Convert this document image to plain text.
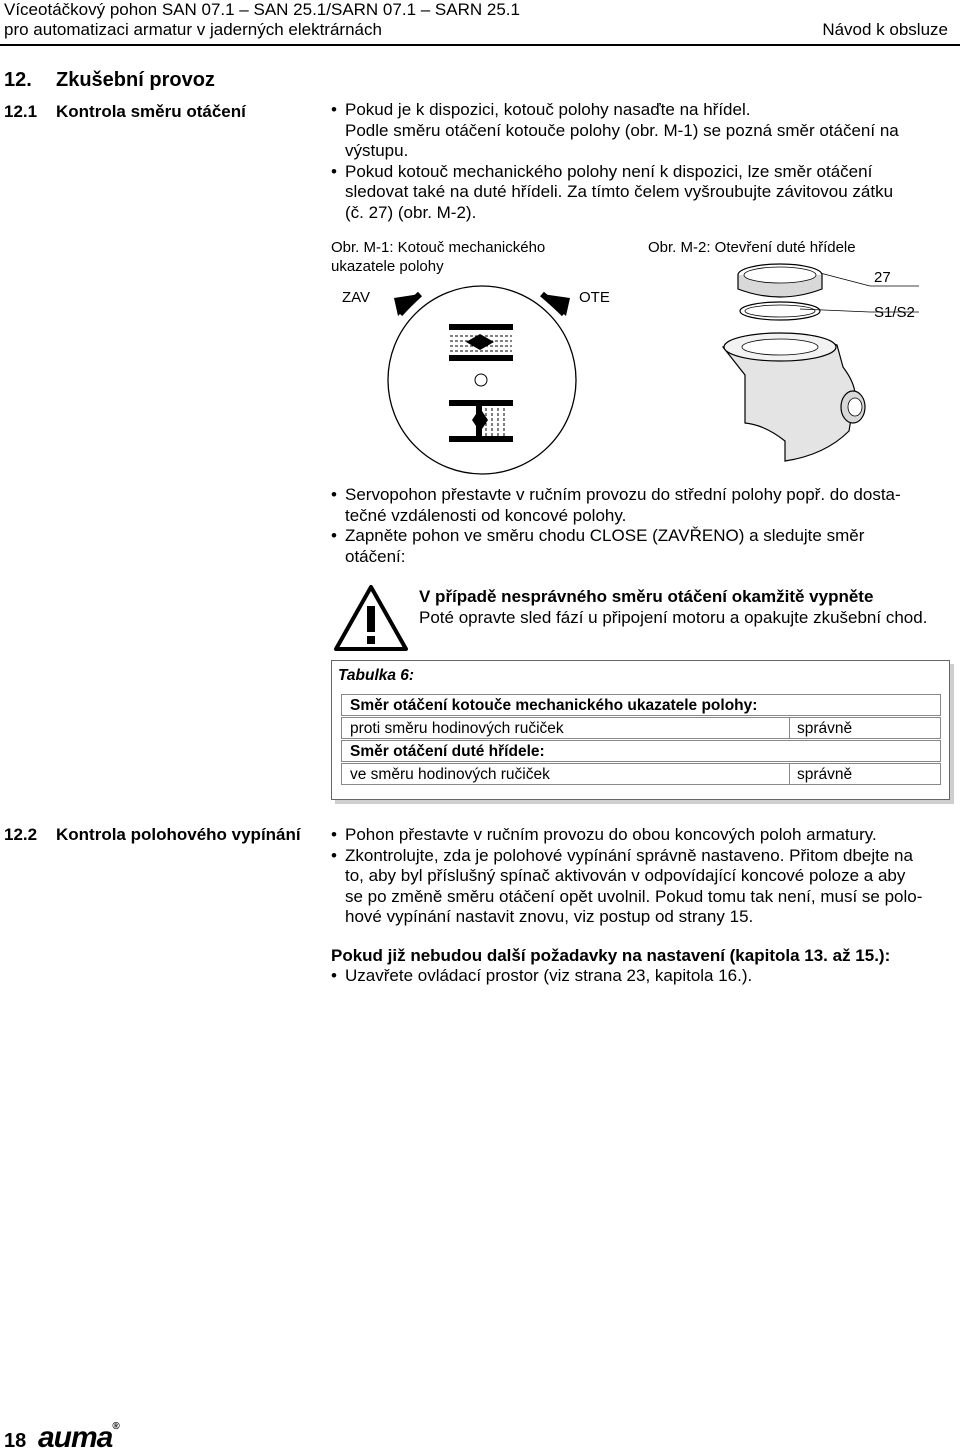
Víceotáčkový pohon SAN 07.1 – SAN 25.1/SARN 07.1 – SARN 25.1
pro automatizaci armatur v jaderných elektrárnách	Návod k obsluze
12. Zkušební provoz
12.1 Kontrola směru otáčení	• Pokud je k dispozici, kotouč polohy nasaďte na hřídel.
Podle směru otáčení kotouče polohy (obr. M-1) se pozná směr otáčení na
výstupu.
• Pokud kotouč mechanického polohy není k dispozici, lze směr otáčení
sledovat také na duté hřídeli. Za tímto čelem vyšroubujte závitovou zátku
(č. 27) (obr. M-2).
Obr. M-1: Kotouč mechanického
ukazatele polohy
ZAV	OTE
Obr. M-2: Otevření duté hřídele
27
S1/S2
• Servopohon přestavte v ručním provozu do střední polohy popř. do dosta-
tečné vzdálenosti od koncové polohy.
• Zapněte pohon ve směru chodu CLOSE (ZAVŘENO) a sledujte směr
otáčení:
V případě nesprávného směru otáčení okamžitě vypněte
Poté opravte sled fází u připojení motoru a opakujte zkušební chod.
Tabulka 6:
Směr otáčení kotouče mechanického ukazatele polohy:
proti směru hodinových ručiček	správně
Směr otáčení duté hřídele:
ve směru hodinových ručiček	správně
12.2 Kontrola polohového vypínání	• Pohon přestavte v ručním provozu do obou koncových poloh armatury.
• Zkontrolujte, zda je polohové vypínání správně nastaveno. Přitom dbejte na
to, aby byl příslušný spínač aktivován v odpovídající koncové poloze a aby
se po změně směru otáčení opět uvolnil. Pokud tomu tak není, musí se polo-
hové vypínání nastavit znovu, viz postup od strany 15.
Pokud již nebudou další požadavky na nastavení (kapitola 13. až 15.):
• Uzavřete ovládací prostor (viz strana 23, kapitola 16.).
18 auma®
